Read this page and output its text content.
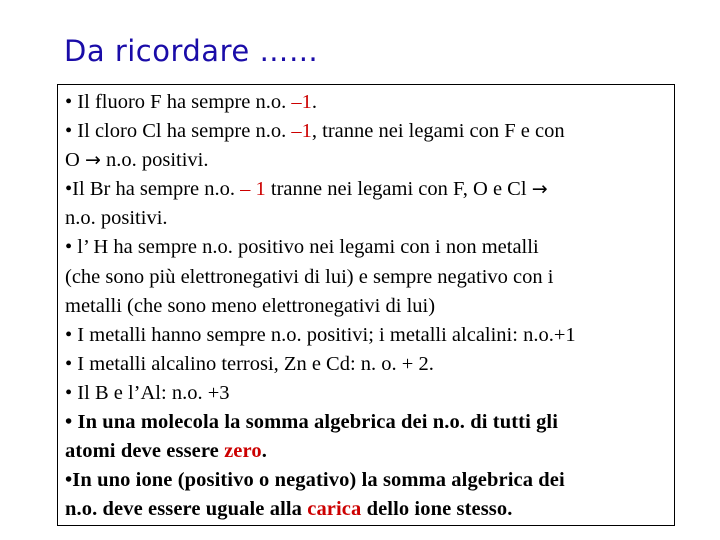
Da ricordare ……
• Il fluoro F ha sempre n.o. –1.
• Il cloro Cl ha sempre n.o. –1, tranne nei legami con F e con
O → n.o. positivi.
•Il Br ha sempre n.o. – 1 tranne nei legami con F, O e Cl →
n.o. positivi.
• l’ H ha sempre n.o. positivo nei legami con i non metalli
(che sono più elettronegativi di lui) e sempre negativo con i
metalli (che sono meno elettronegativi di lui)
• I metalli hanno sempre n.o. positivi; i metalli alcalini: n.o.+1
• I metalli alcalino terrosi, Zn e Cd: n. o. + 2.
• Il B e l’Al: n.o. +3
• In una molecola la somma algebrica dei n.o. di tutti gli
atomi deve essere zero.
•In uno ione (positivo o negativo) la somma algebrica dei
n.o. deve essere uguale alla carica dello ione stesso.
